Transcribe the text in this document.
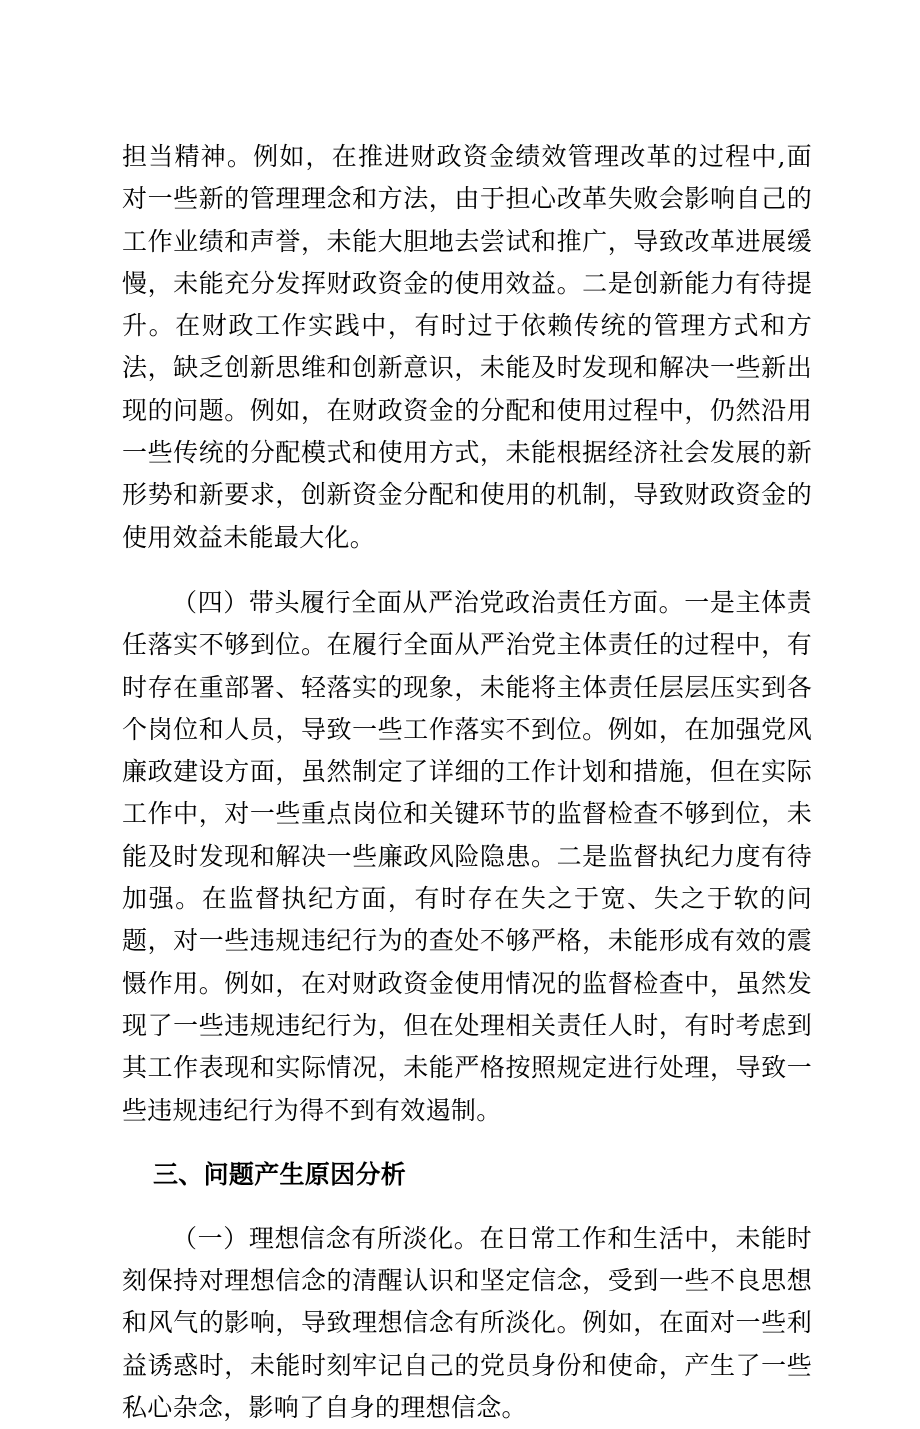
担当精神。例如，在推进财政资金绩效管理改革的过程中,面对一些新的管理理念和方法，由于担心改革失败会影响自己的工作业绩和声誉，未能大胆地去尝试和推广，导致改革进展缓慢，未能充分发挥财政资金的使用效益。二是创新能力有待提升。在财政工作实践中，有时过于依赖传统的管理方式和方法，缺乏创新思维和创新意识，未能及时发现和解决一些新出现的问题。例如，在财政资金的分配和使用过程中，仍然沿用一些传统的分配模式和使用方式，未能根据经济社会发展的新形势和新要求，创新资金分配和使用的机制，导致财政资金的使用效益未能最大化。

（四）带头履行全面从严治党政治责任方面。一是主体责任落实不够到位。在履行全面从严治党主体责任的过程中，有时存在重部署、轻落实的现象，未能将主体责任层层压实到各个岗位和人员，导致一些工作落实不到位。例如，在加强党风廉政建设方面，虽然制定了详细的工作计划和措施，但在实际工作中，对一些重点岗位和关键环节的监督检查不够到位，未能及时发现和解决一些廉政风险隐患。二是监督执纪力度有待加强。在监督执纪方面，有时存在失之于宽、失之于软的问题，对一些违规违纪行为的查处不够严格，未能形成有效的震慑作用。例如，在对财政资金使用情况的监督检查中，虽然发现了一些违规违纪行为，但在处理相关责任人时，有时考虑到其工作表现和实际情况，未能严格按照规定进行处理，导致一些违规违纪行为得不到有效遏制。

三、问题产生原因分析

（一）理想信念有所淡化。在日常工作和生活中，未能时刻保持对理想信念的清醒认识和坚定信念，受到一些不良思想和风气的影响，导致理想信念有所淡化。例如，在面对一些利益诱惑时，未能时刻牢记自己的党员身份和使命，产生了一些私心杂念，影响了自身的理想信念。
